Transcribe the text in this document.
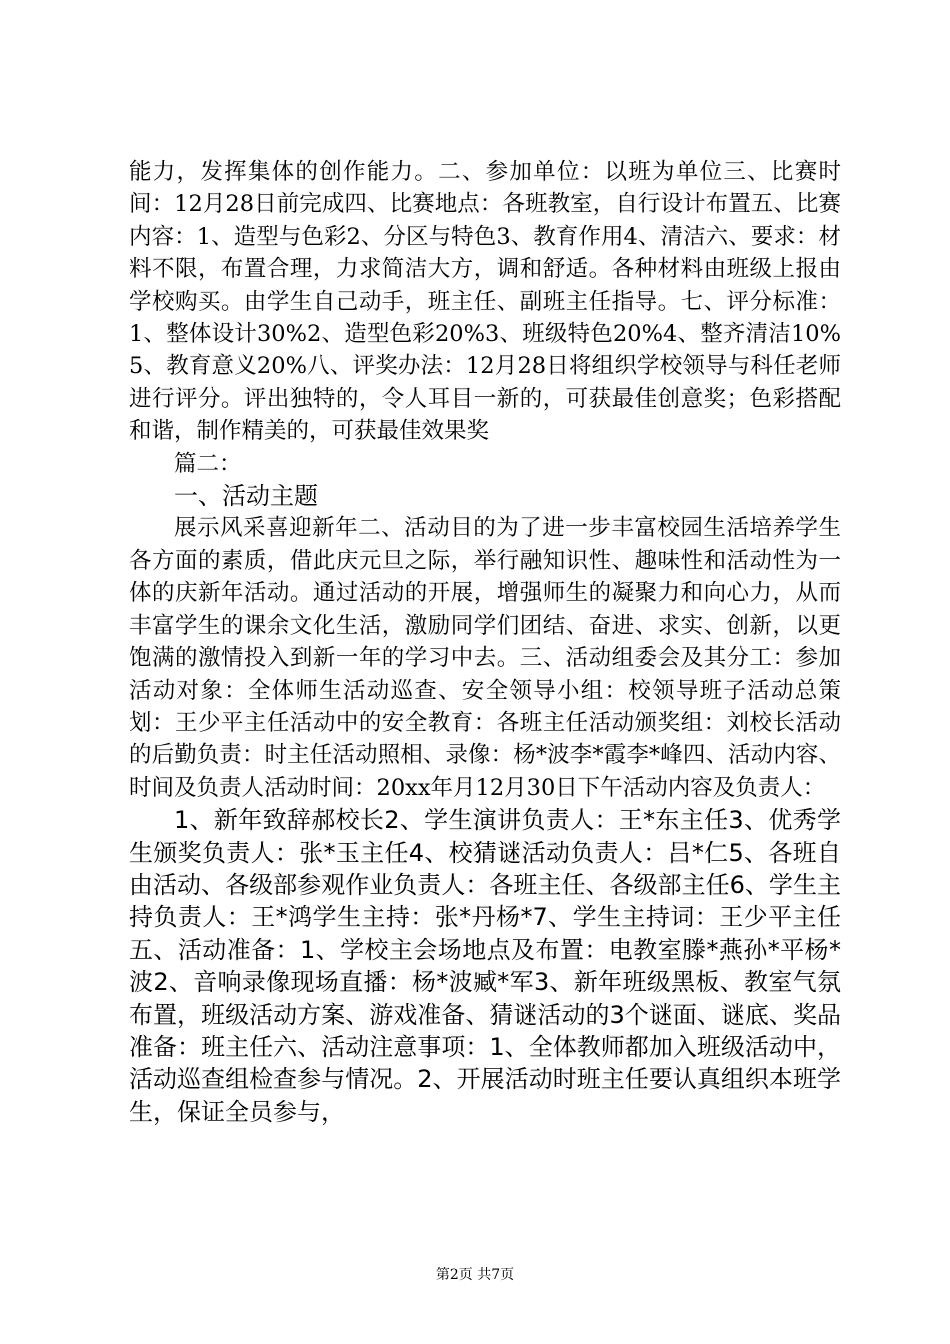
能力，发挥集体的创作能力。二、参加单位：以班为单位三、比赛时间：12月28日前完成四、比赛地点：各班教室，自行设计布置五、比赛内容：1、造型与色彩2、分区与特色3、教育作用4、清洁六、要求：材料不限，布置合理，力求简洁大方，调和舒适。各种材料由班级上报由学校购买。由学生自己动手，班主任、副班主任指导。七、评分标准：1、整体设计30%2、造型色彩20%3、班级特色20%4、整齐清洁10%5、教育意义20%八、评奖办法：12月28日将组织学校领导与科任老师进行评分。评出独特的，令人耳目一新的，可获最佳创意奖；色彩搭配和谐，制作精美的，可获最佳效果奖

篇二：

一、活动主题

展示风采喜迎新年二、活动目的为了进一步丰富校园生活培养学生各方面的素质，借此庆元旦之际，举行融知识性、趣味性和活动性为一体的庆新年活动。通过活动的开展，增强师生的凝聚力和向心力，从而丰富学生的课余文化生活，激励同学们团结、奋进、求实、创新，以更饱满的激情投入到新一年的学习中去。三、活动组委会及其分工：参加活动对象：全体师生活动巡查、安全领导小组：校领导班子活动总策划：王少平主任活动中的安全教育：各班主任活动颁奖组：刘校长活动的后勤负责：时主任活动照相、录像：杨*波李*霞李*峰四、活动内容、时间及负责人活动时间：20xx年月12月30日下午活动内容及负责人：

1、新年致辞郝校长2、学生演讲负责人：王*东主任3、优秀学生颁奖负责人：张*玉主任4、校猜谜活动负责人：吕*仁5、各班自由活动、各级部参观作业负责人：各班主任、各级部主任6、学生主持负责人：王*鸿学生主持：张*丹杨*7、学生主持词：王少平主任五、活动准备：1、学校主会场地点及布置：电教室滕*燕孙*平杨*波2、音响录像现场直播：杨*波臧*军3、新年班级黑板、教室气氛布置，班级活动方案、游戏准备、猜谜活动的3个谜面、谜底、奖品准备：班主任六、活动注意事项：1、全体教师都加入班级活动中，活动巡查组检查参与情况。2、开展活动时班主任要认真组织本班学生，保证全员参与，

第2页 共7页
